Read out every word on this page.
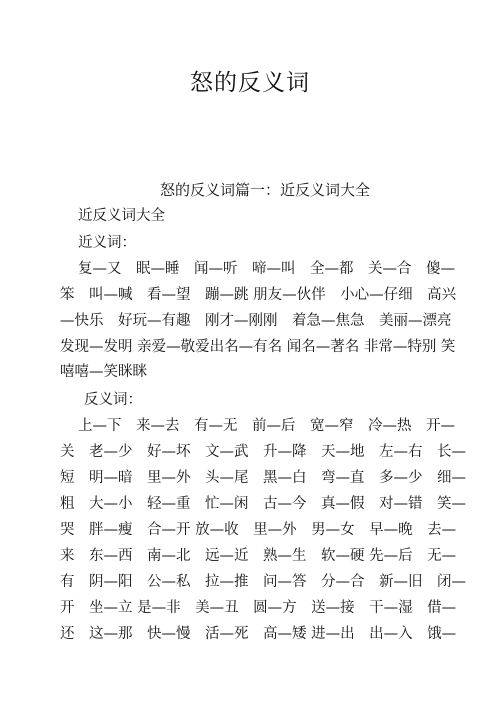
怒的反义词
怒的反义词篇一：近反义词大全
近反义词大全
近义词：
复—又　眠—睡　闻—听　啼—叫　全—都　关—合　傻—
笨　叫—喊　看—望　蹦—跳 朋友—伙伴　小心—仔细　高兴
—快乐　好玩—有趣　刚才—刚刚　着急—焦急　美丽—漂亮
发现—发明 亲爱—敬爱出名—有名 闻名—著名 非常—特别 笑
嘻嘻—笑眯眯
反义词：
上—下　来—去　有—无　前—后　宽—窄　冷—热　开—
关　老—少　好—坏　文—武　升—降　天—地　左—右　长—
短　明—暗　里—外　头—尾　黑—白　弯—直　多—少　细—
粗　大—小　轻—重　忙—闲　古—今　真—假　对—错　笑—
哭　胖—瘦　合—开 放—收　里—外　男—女　早—晚　去—
来　东—西　南—北　远—近　熟—生　软—硬 先—后　无—
有　阴—阳　公—私　拉—推　问—答　分—合　新—旧　闭—
开　坐—立 是—非　美—丑　圆—方　送—接　干—湿　借—
还　这—那　快—慢　活—死　高—矮 进—出　出—入　饿—
